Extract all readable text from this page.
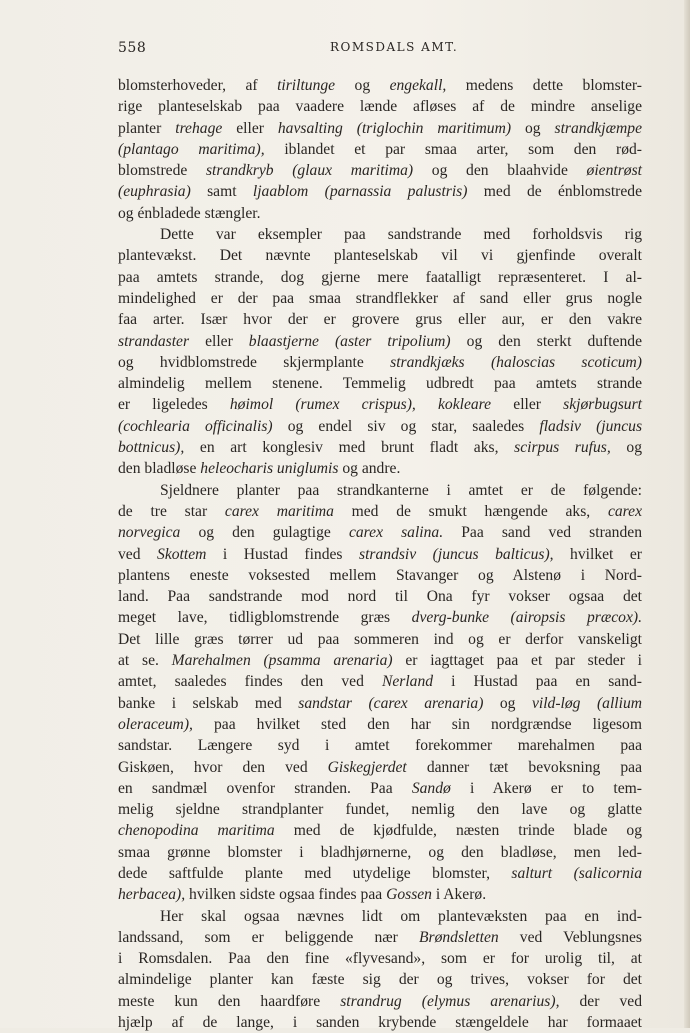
558	ROMSDALS AMT.
blomsterhoveder, af tiriltunge og engekall, medens dette blomster-
rige planteselskab paa vaadere lænde afløses af de mindre anselige
planter trehage eller havsalting (triglochin maritimum) og strandkjæmpe
(plantago maritima), iblandet et par smaa arter, som den rød-
blomstrede strandkryb (glaux maritima) og den blaahvide øientrøst
(euphrasia) samt ljaablom (parnassia palustris) med de énblomstrede
og énbladede stængler.
Dette var eksempler paa sandstrande med forholdsvis rig
plantevækst. Det nævnte planteselskab vil vi gjenfinde overalt
paa amtets strande, dog gjerne mere faatalligt repræsenteret. I al-
mindelighed er der paa smaa strandflekker af sand eller grus nogle
faa arter. Især hvor der er grovere grus eller aur, er den vakre
strandaster eller blaastjerne (aster tripolium) og den sterkt duftende
og hvidblomstrede skjermplante strandkjæks (haloscias scoticum)
almindelig mellem stenene. Temmelig udbredt paa amtets strande
er ligeledes høimol (rumex crispus), kokleare eller skjørbugsurt
(cochlearia officinalis) og endel siv og star, saaledes fladsiv (juncus
bottnicus), en art konglesiv med brunt fladt aks, scirpus rufus, og
den bladløse heleocharis uniglumis og andre.
Sjeldnere planter paa strandkanterne i amtet er de følgende:
de tre star carex maritima med de smukt hængende aks, carex
norvegica og den gulagtige carex salina. Paa sand ved stranden
ved Skottem i Hustad findes strandsiv (juncus balticus), hvilket er
plantens eneste voksested mellem Stavanger og Alstenø i Nord-
land. Paa sandstrande mod nord til Ona fyr vokser ogsaa det
meget lave, tidligblomstrende græs dverg-bunke (airopsis præcox).
Det lille græs tørrer ud paa sommeren ind og er derfor vanskeligt
at se. Marehalmen (psamma arenaria) er iagttaget paa et par steder i
amtet, saaledes findes den ved Nerland i Hustad paa en sand-
banke i selskab med sandstar (carex arenaria) og vild-løg (allium
oleraceum), paa hvilket sted den har sin nordgrændse ligesom
sandstar. Længere syd i amtet forekommer marehalmen paa
Giskøen, hvor den ved Giskegjerdet danner tæt bevoksning paa
en sandmæl ovenfor stranden. Paa Sandø i Akerø er to tem-
melig sjeldne strandplanter fundet, nemlig den lave og glatte
chenopodina maritima med de kjødfulde, næsten trinde blade og
smaa grønne blomster i bladhjørnerne, og den bladløse, men led-
dede saftfulde plante med utydelige blomster, salturt (salicornia
herbacea), hvilken sidste ogsaa findes paa Gossen i Akerø.
Her skal ogsaa nævnes lidt om plantevæksten paa en ind-
landssand, som er beliggende nær Brøndsletten ved Veblungsnes
i Romsdalen. Paa den fine «flyvesand», som er for urolig til, at
almindelige planter kan fæste sig der og trives, vokser for det
meste kun den haardføre strandrug (elymus arenarius), der ved
hjælp af de lange, i sanden krybende stængeldele har formaaet
